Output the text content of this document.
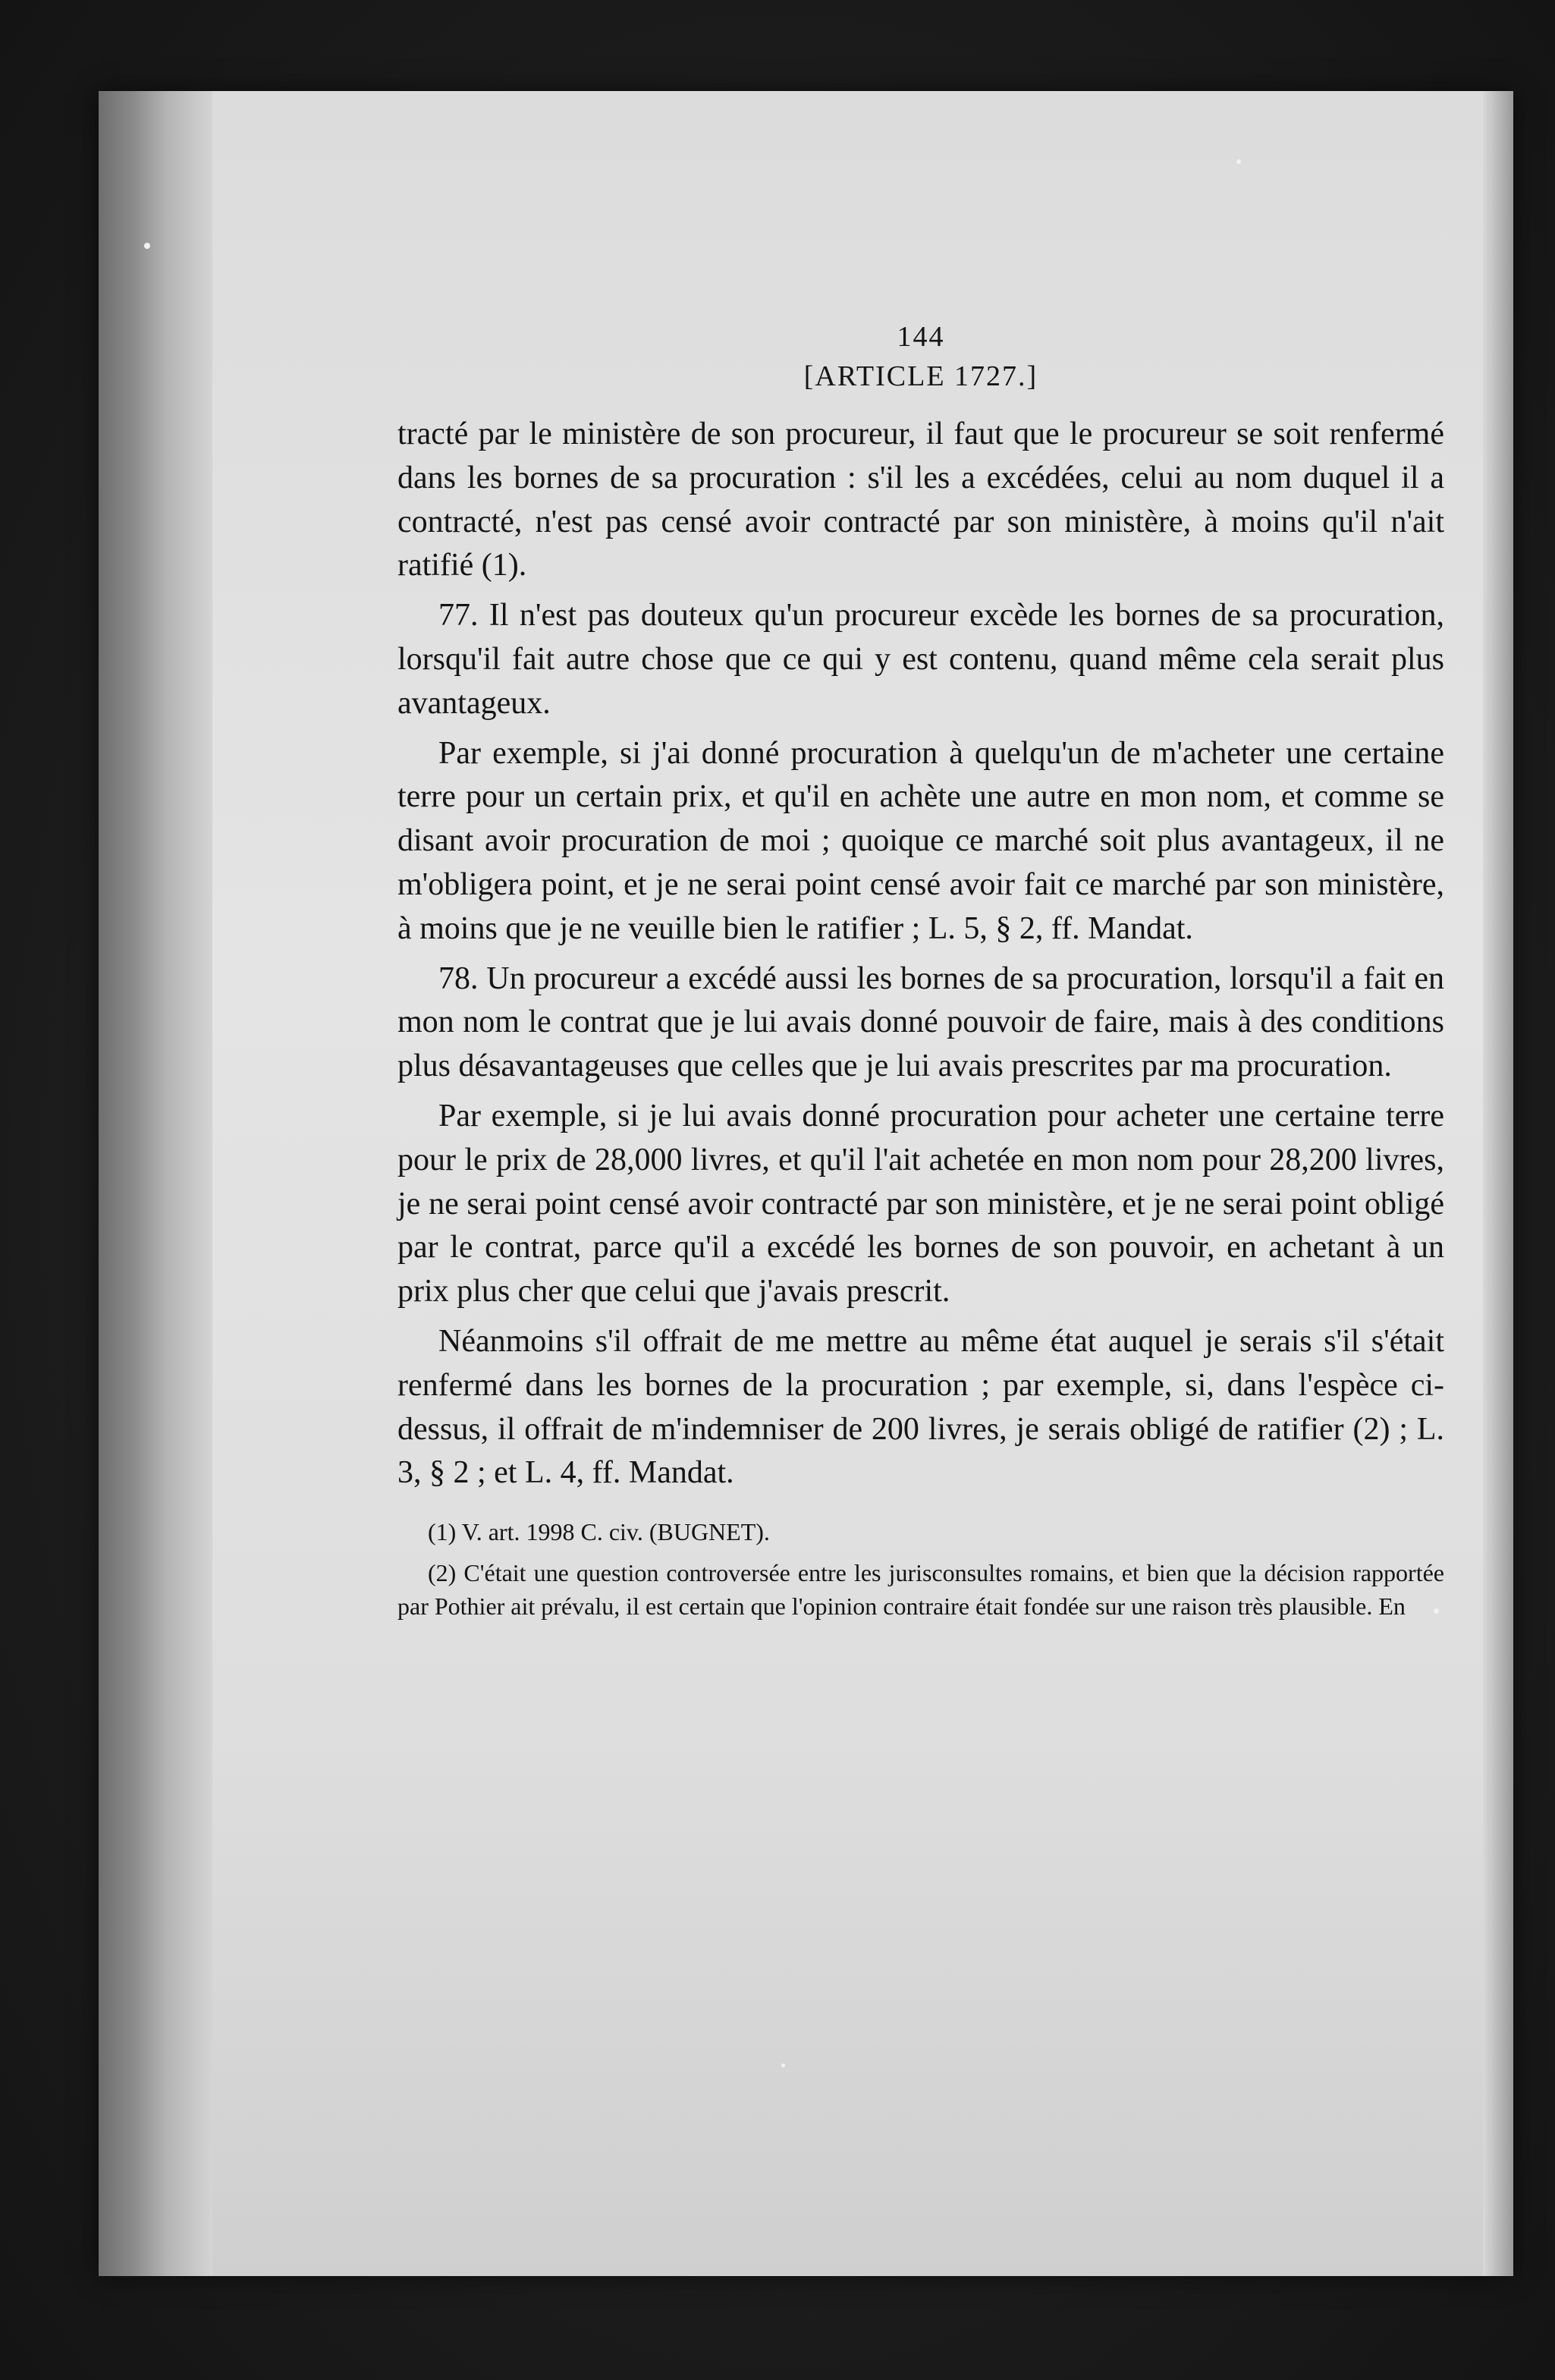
144
[ARTICLE 1727.]

tracté par le ministère de son procureur, il faut que le procureur se soit renfermé dans les bornes de sa procuration : s'il les a excédées, celui au nom duquel il a contracté, n'est pas censé avoir contracté par son ministère, à moins qu'il n'ait ratifié (1).

77. Il n'est pas douteux qu'un procureur excède les bornes de sa procuration, lorsqu'il fait autre chose que ce qui y est contenu, quand même cela serait plus avantageux.

Par exemple, si j'ai donné procuration à quelqu'un de m'acheter une certaine terre pour un certain prix, et qu'il en achète une autre en mon nom, et comme se disant avoir procuration de moi ; quoique ce marché soit plus avantageux, il ne m'obligera point, et je ne serai point censé avoir fait ce marché par son ministère, à moins que je ne veuille bien le ratifier ; L. 5, § 2, ff. Mandat.

78. Un procureur a excédé aussi les bornes de sa procuration, lorsqu'il a fait en mon nom le contrat que je lui avais donné pouvoir de faire, mais à des conditions plus désavantageuses que celles que je lui avais prescrites par ma procuration.

Par exemple, si je lui avais donné procuration pour acheter une certaine terre pour le prix de 28,000 livres, et qu'il l'ait achetée en mon nom pour 28,200 livres, je ne serai point censé avoir contracté par son ministère, et je ne serai point obligé par le contrat, parce qu'il a excédé les bornes de son pouvoir, en achetant à un prix plus cher que celui que j'avais prescrit.

Néanmoins s'il offrait de me mettre au même état auquel je serais s'il s'était renfermé dans les bornes de la procuration ; par exemple, si, dans l'espèce ci-dessus, il offrait de m'indemniser de 200 livres, je serais obligé de ratifier (2) ; L. 3, § 2 ; et L. 4, ff. Mandat.

(1) V. art. 1998 C. civ. (BUGNET).

(2) C'était une question controversée entre les jurisconsultes romains, et bien que la décision rapportée par Pothier ait prévalu, il est certain que l'opinion contraire était fondée sur une raison très plausible. En
